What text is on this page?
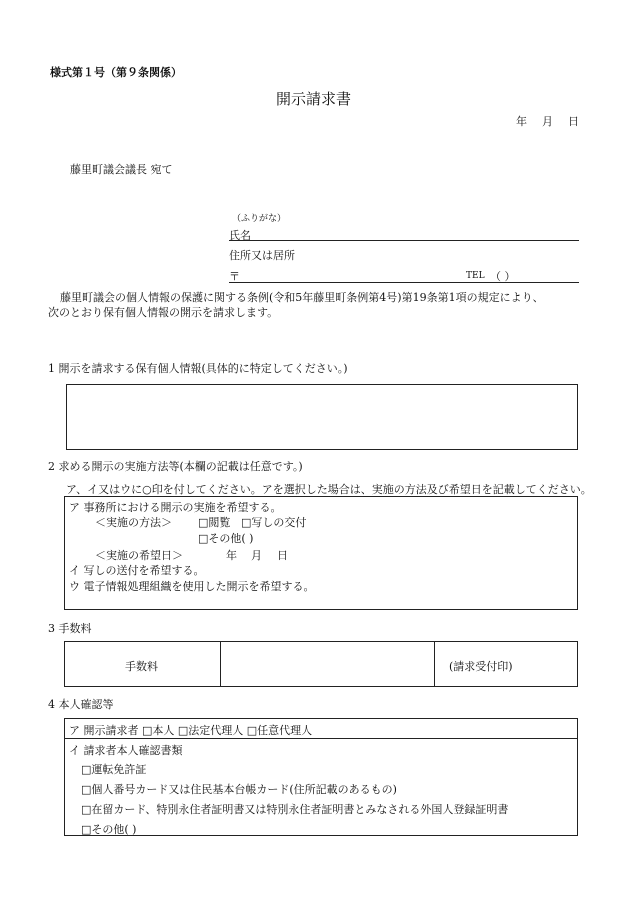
様式第１号（第９条関係）
開示請求書
年 月 日
藤里町議会議長 宛て
（ふりがな）
氏名
住所又は居所
〒	TEL （ ）
藤里町議会の個人情報の保護に関する条例(令和5年藤里町条例第4号)第19条第1項の規定により、
次のとおり保有個人情報の開示を請求します。
1 開示を請求する保有個人情報(具体的に特定してください。)
2 求める開示の実施方法等(本欄の記載は任意です。)
ア、イ又はウに○印を付してください。アを選択した場合は、実施の方法及び希望日を記載してください。
ア 事務所における開示の実施を希望する。
＜実施の方法＞ □閲覧 □写しの交付
□その他( )
＜実施の希望日＞	年 月 日
イ 写しの送付を希望する。
ウ 電子情報処理組織を使用した開示を希望する。
3 手数料
手数料	(請求受付印)
4 本人確認等
ア 開示請求者 □本人 □法定代理人 □任意代理人
イ 請求者本人確認書類
□運転免許証
□個人番号カード又は住民基本台帳カード(住所記載のあるもの)
□在留カード、特別永住者証明書又は特別永住者証明書とみなされる外国人登録証明書
□その他( )
